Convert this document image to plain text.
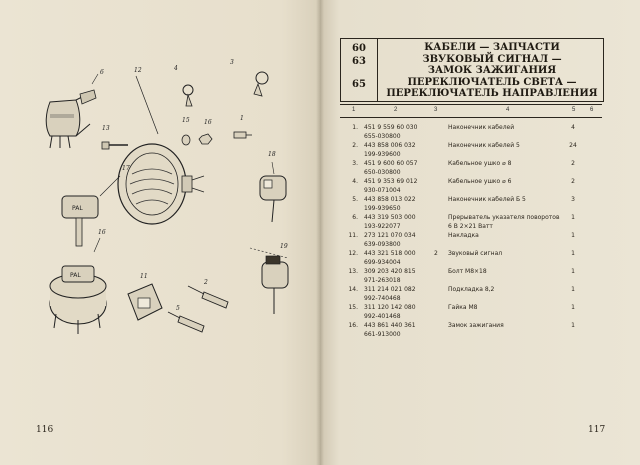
6	12
13
15 16
1
4
3
PAL
17
PAL
16
11
2
5
18
19
116
60
63
65
КАБЕЛИ — ЗАПЧАСТИ
ЗВУКОВЫЙ СИГНАЛ —
ЗАМОК ЗАЖИГАНИЯ
ПЕРЕКЛЮЧАТЕЛЬ СВЕТА —
ПЕРЕКЛЮЧАТЕЛЬ НАПРАВЛЕНИЯ
1	2	3	4	5 6
1. 451 9 559 60 030
655-030800
Наконечник кабелей	4
2. 443 858 006 032
199-939600
Наконечник кабелей 5	24
3. 451 9 600 60 057
650-030800
Кабельное ушко ⌀ 8	2
4. 451 9 353 69 012
930-071004
Кабельное ушко ⌀ 6	2
5. 443 858 013 022
199-939650
Наконечник кабелей Б 5	3
6. 443 319 503 000
193-922077
Прерыватель указателя поворотов
6 В 2×21 Ватт
1
11. 273 121 070 034
639-093800
Накладка	1
12. 443 321 518 000
699-934004
2	Звуковый сигнал	1
13. 309 203 420 815
971-263018
Болт M8×18	1
14. 311 214 021 082
992-740468
Подкладка 8,2	1
15. 311 120 142 080
992-401468
Гайка M8	1
16. 443 861 440 361
661-913000
Замок зажигания	1
117
